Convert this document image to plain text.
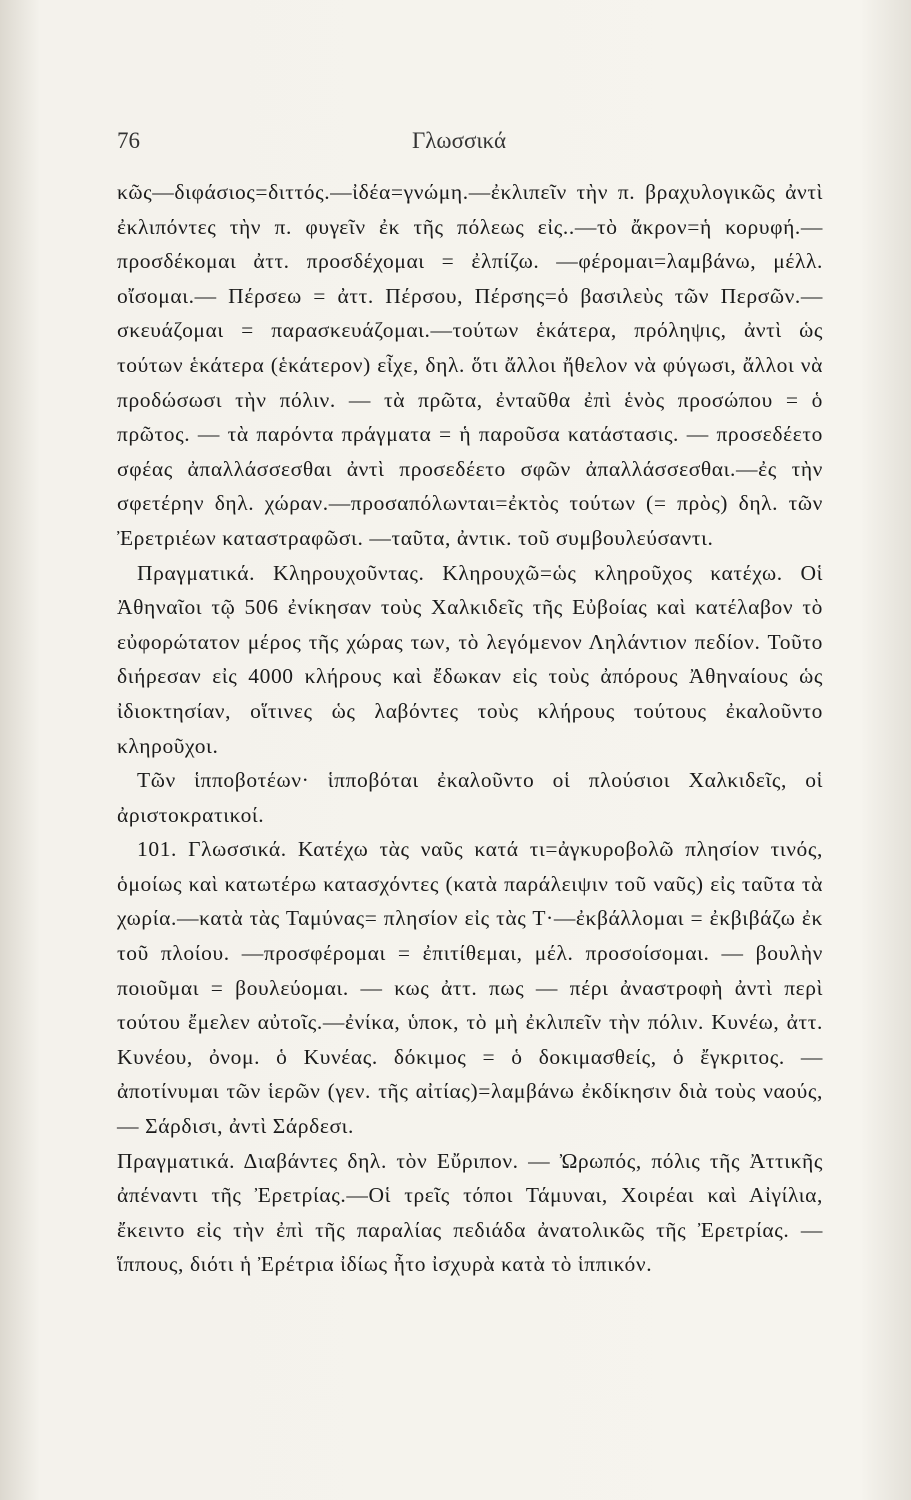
76	Γλωσσικά

κῶς—διφάσιος=διττός.—ἰδέα=γνώμη.—ἐκλιπεῖν τὴν π. βραχυλογικῶς ἀντὶ ἐκλιπόντες τὴν π. φυγεῖν ἐκ τῆς πόλεως εἰς..—τὸ ἄκρον=ἡ κορυφή.—προσδέκομαι ἀττ. προσδέχομαι = ἐλπίζω. —φέρομαι=λαμβάνω, μέλλ. οἴσομαι.— Πέρσεω = ἀττ. Πέρσου, Πέρσης=ὁ βασιλεὺς τῶν Περσῶν.—σκευάζομαι = παρασκευάζομαι.—τούτων ἑκάτερα, πρόληψις, ἀντὶ ὡς τούτων ἑκάτερα (ἑκάτερον) εἶχε, δηλ. ὅτι ἄλλοι ἤθελον νὰ φύγωσι, ἄλλοι νὰ προδώσωσι τὴν πόλιν. — τὰ πρῶτα, ἐνταῦθα ἐπὶ ἑνὸς προσώπου = ὁ πρῶτος. — τὰ παρόντα πράγματα = ἡ παροῦσα κατάστασις. — προσεδέετο σφέας ἀπαλλάσσεσθαι ἀντὶ προσεδέετο σφῶν ἀπαλλάσσεσθαι.—ἐς τὴν σφετέρην δηλ. χώραν.—προσαπόλωνται=ἐκτὸς τούτων (= πρὸς) δηλ. τῶν Ἐρετριέων καταστραφῶσι. —ταῦτα, ἀντικ. τοῦ συμβουλεύσαντι.

Πραγματικά. Κληρουχοῦντας. Κληρουχῶ=ὡς κληροῦχος κατέχω. Οἱ Ἀθηναῖοι τῷ 506 ἐνίκησαν τοὺς Χαλκιδεῖς τῆς Εὐβοίας καὶ κατέλαβον τὸ εὐφορώτατον μέρος τῆς χώρας των, τὸ λεγόμενον Ληλάντιον πεδίον. Τοῦτο διήρεσαν εἰς 4000 κλήρους καὶ ἔδωκαν εἰς τοὺς ἀπόρους Ἀθηναίους ὡς ἰδιοκτησίαν, οἵτινες ὡς λαβόντες τοὺς κλήρους τούτους ἐκαλοῦντο κληροῦχοι.

Τῶν ἱπποβοτέων· ἱπποβόται ἐκαλοῦντο οἱ πλούσιοι Χαλκιδεῖς, οἱ ἀριστοκρατικοί.

101. Γλωσσικά. Κατέχω τὰς ναῦς κατά τι=ἀγκυροβολῶ πλησίον τινός, ὁμοίως καὶ κατωτέρω κατασχόντες (κατὰ παράλειψιν τοῦ ναῦς) εἰς ταῦτα τὰ χωρία.—κατὰ τὰς Ταμύνας= πλησίον εἰς τὰς Τ·—ἐκβάλλομαι = ἐκβιβάζω ἐκ τοῦ πλοίου. —προσφέρομαι = ἐπιτίθεμαι, μέλ. προσοίσομαι. — βουλὴν ποιοῦμαι = βουλεύομαι. — κως ἀττ. πως — πέρι ἀναστροφὴ ἀντὶ περὶ τούτου ἔμελεν αὐτοῖς.—ἐνίκα, ὑποκ, τὸ μὴ ἐκλιπεῖν τὴν πόλιν. Κυνέω, ἀττ. Κυνέου, ὀνομ. ὁ Κυνέας. δόκιμος = ὁ δοκιμασθείς, ὁ ἔγκριτος. —ἀποτίνυμαι τῶν ἱερῶν (γεν. τῆς αἰτίας)=λαμβάνω ἐκδίκησιν διὰ τοὺς ναούς,— Σάρδισι, ἀντὶ Σάρδεσι.

Πραγματικά. Διαβάντες δηλ. τὸν Εὔριπον. — Ὠρωπός, πόλις τῆς Ἀττικῆς ἀπέναντι τῆς Ἐρετρίας.—Οἱ τρεῖς τόποι Τάμυναι, Χοιρέαι καὶ Αἰγίλια, ἔκειντο εἰς τὴν ἐπὶ τῆς παραλίας πεδιάδα ἀνατολικῶς τῆς Ἐρετρίας. — ἵππους, διότι ἡ Ἐρέτρια ἰδίως ἦτο ἰσχυρὰ κατὰ τὸ ἱππικόν.
